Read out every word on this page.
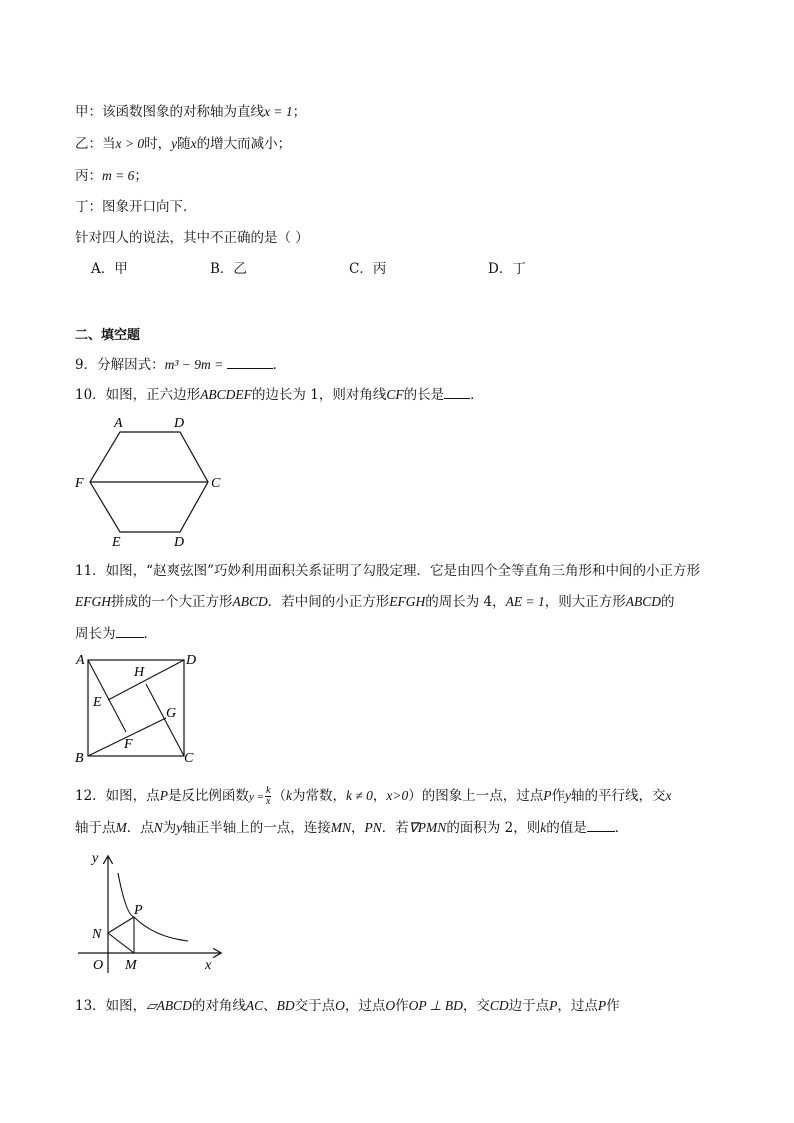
甲：该函数图象的对称轴为直线x = 1；
乙：当x > 0时，y随x的增大而减小；
丙：m = 6；
丁：图象开口向下．
针对四人的说法，其中不正确的是（ ）
A．甲	B．乙	C．丙	D．丁
二、填空题
9．分解因式：m³ − 9m =	．
10．如图，正六边形ABCDEF的边长为 1，则对角线CF的长是 ．
A	D
F	C
E	D
11．如图，“赵爽弦图”巧妙利用面积关系证明了勾股定理．它是由四个全等直角三角形和中间的小正方形
EFGH拼成的一个大正方形ABCD．若中间的小正方形EFGH的周长为 4，AE = 1，则大正方形ABCD的
周长为 ．
A	D
H
E
G
F
B	C
12．如图，点P是反比例函数$y = \frac{k}{x} (k$为常数，k ≠ 0，x>0）的图象上一点，过点P作y轴的平行线，交x
轴于点M．点N为y轴正半轴上的一点，连接MN，PN．若∇PMN的面积为 2，则k的值是 ．
y
P
N
O M	x
13．如图，▱ABCD的对角线AC、BD交于点O，过点O作OP ⊥ BD，交CD边于点P，过点P作
